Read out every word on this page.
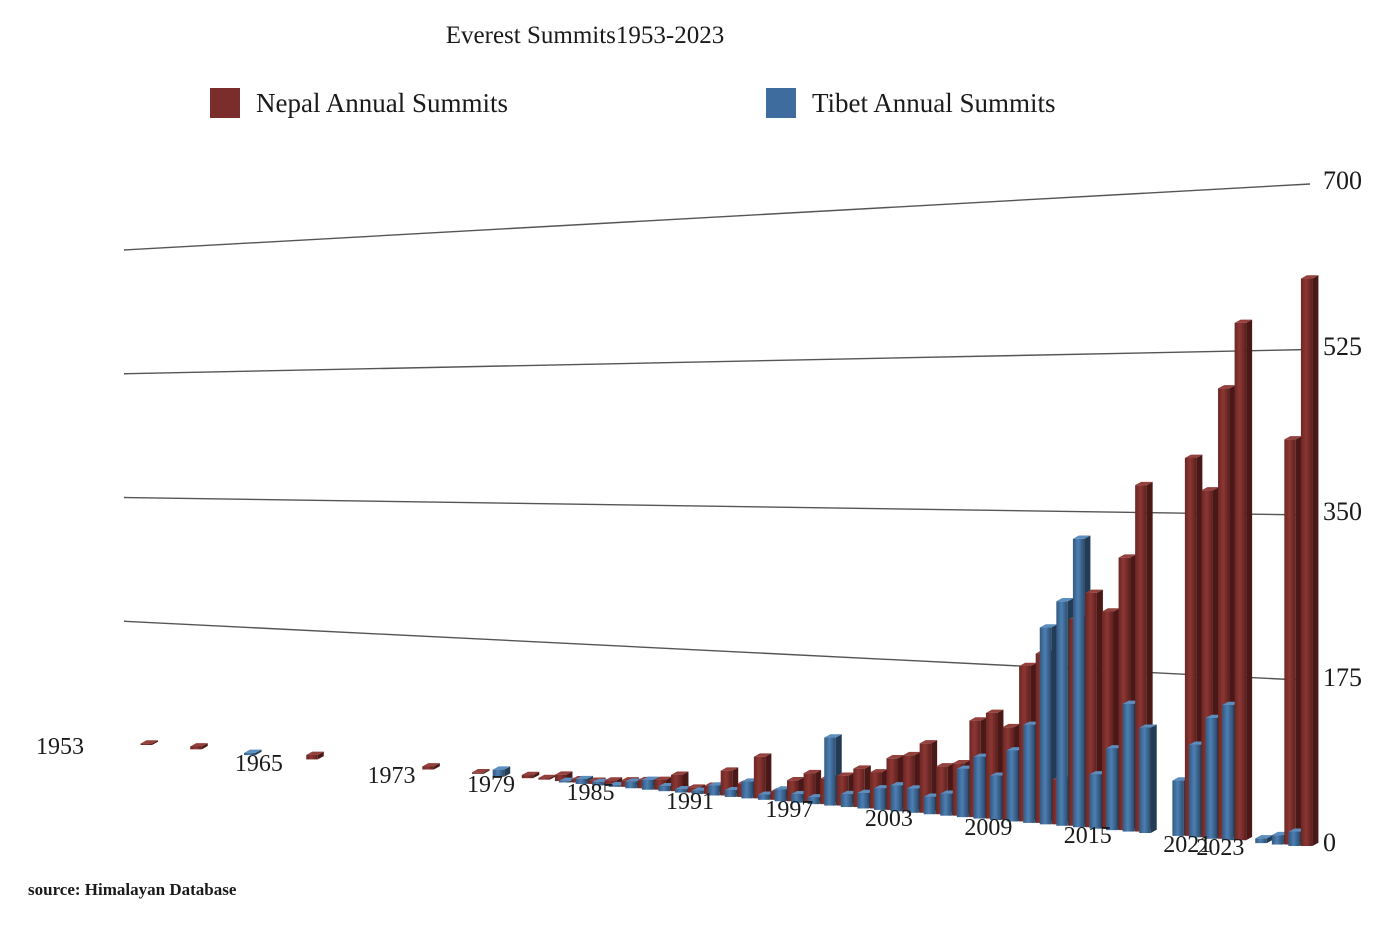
Everest Summits1953-2023
Nepal Annual Summits	Tibet Annual Summits
0
175
350
525
700
1953
1965	1973 1979 1985 1991 1997 2003 2009 2015 2021
2023
source: Himalayan Database
